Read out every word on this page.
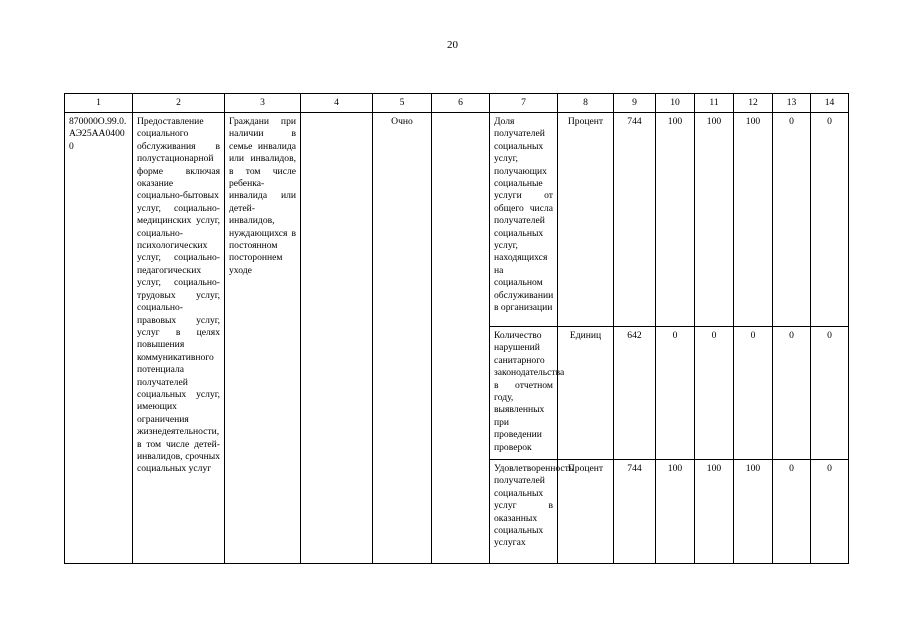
20
1	2	3	4	5	6	7	8	9	10	11	12	13	14
870000О.99.0.АЭ25АА04000	Предоставление социального обслуживания в полустационарной форме включая оказание социально-бытовых услуг, социально-медицинских услуг, социально-психологических услуг, социально-педагогических услуг, социально-трудовых услуг, социально-правовых услуг, услуг в целях повышения коммуникативного потенциала получателей социальных услуг, имеющих ограничения жизнедеятельности, в том числе детей-инвалидов, срочных социальных услуг	Граждани при наличии в семье инвалида или инвалидов, в том числе ребенка-инвалида или детей-инвалидов, нуждающихся в постоянном постороннем уходе		Очно		Доля получателей социальных услуг, получающих социальные услуги от общего числа получателей социальных услуг, находящихся на социальном обслуживании в организации	Процент	744	100	100	100	0	0
						Количество нарушений санитарного законодательства в отчетном году, выявленных при проведении проверок	Единиц	642	0	0	0	0	0
						Удовлетворенность получателей социальных услуг в оказанных социальных услугах	Процент	744	100	100	100	0	0
